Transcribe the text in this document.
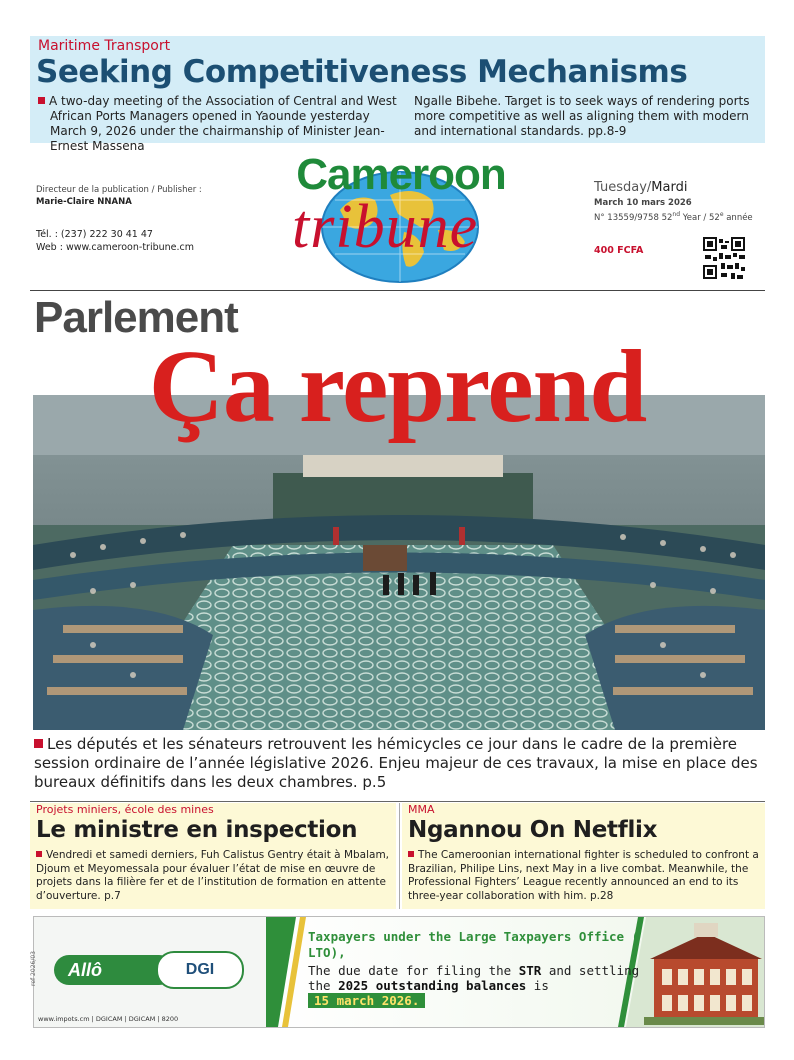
Maritime Transport
Seeking Competitiveness Mechanisms
A two-day meeting of the Association of Central and West African Ports Managers opened in Yaounde yesterday March 9, 2026 under the chairmanship of Minister Jean-Ernest Massena
Ngalle Bibehe. Target is to seek ways of rendering ports more competitive as well as aligning them with modern and international standards. pp.8-9
Directeur de la publication / Publisher :
Marie-Claire NNANA
Tél. : (237) 222 30 41 47
Web : www.cameroon-tribune.cm
Cameroon
tribune
Tuesday/Mardi
March 10 mars 2026
N° 13559/9758 52nd Year / 52e année
400 FCFA
Parlement
Ça reprend
Les députés et les sénateurs retrouvent les hémicycles ce jour dans le cadre de la première session ordinaire de l’année législative 2026. Enjeu majeur de ces travaux, la mise en place des bureaux définitifs dans les deux chambres. p.5
Projets miniers, école des mines
Le ministre en inspection
Vendredi et samedi derniers, Fuh Calistus Gentry était à Mbalam, Djoum et Meyomessala pour évaluer l’état de mise en œuvre de projets dans la filière fer et de l’institution de formation en attente d’ouverture. p.7
MMA
Ngannou On Netflix
The Cameroonian international fighter is scheduled to confront a Brazilian, Philipe Lins, next May in a live combat. Meanwhile, the Professional Fighters’ League recently announced an end to its three-year collaboration with him. p.28
ref 2026/03	Allô	DGI
www.impots.cm | DGICAM | DGICAM | 8200
Taxpayers under the Large Taxpayers Office ( LTO),
The due date for filing the STR and settling the 2025 outstanding balances is 15 march 2026.
